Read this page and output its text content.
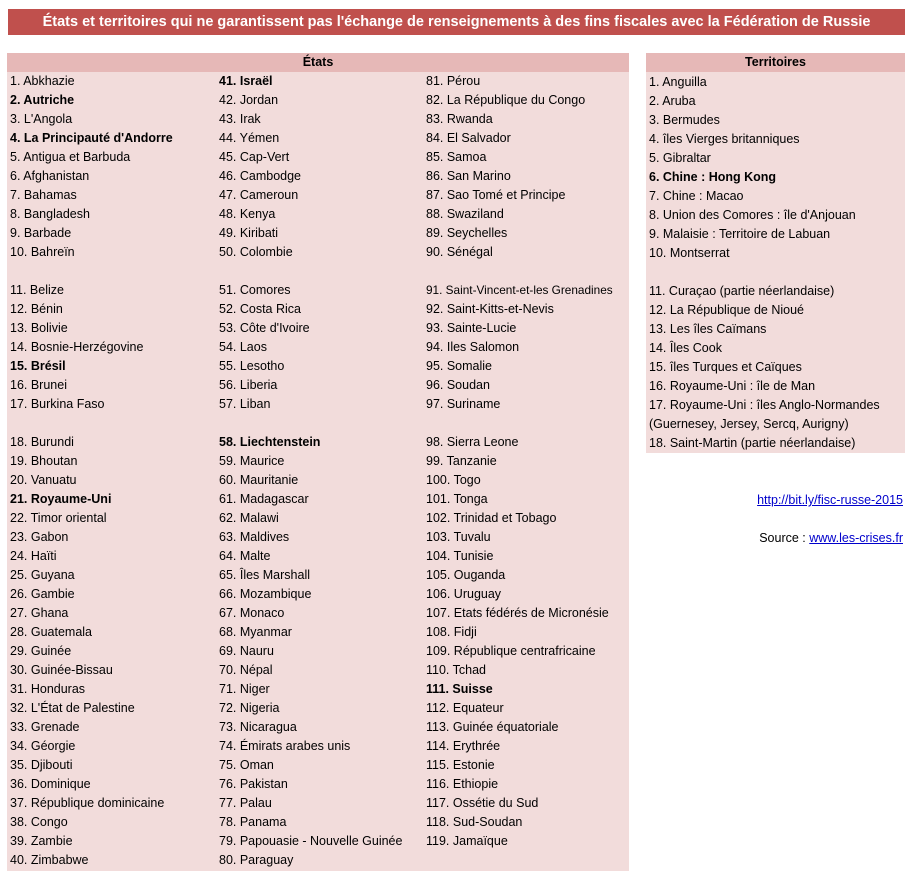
États et territoires qui ne garantissent pas l'échange de renseignements à des fins fiscales avec la Fédération de Russie
États
1. Abkhazie
2. Autriche
3. L'Angola
4. La Principauté d'Andorre
5. Antigua et Barbuda
6. Afghanistan
7. Bahamas
8. Bangladesh
9. Barbade
10. Bahreïn
11. Belize
12. Bénin
13. Bolivie
14. Bosnie-Herzégovine
15. Brésil
16. Brunei
17. Burkina Faso
18. Burundi
19. Bhoutan
20. Vanuatu
21. Royaume-Uni
22. Timor oriental
23. Gabon
24. Haïti
25. Guyana
26. Gambie
27. Ghana
28. Guatemala
29. Guinée
30. Guinée-Bissau
31. Honduras
32. L'État de Palestine
33. Grenade
34. Géorgie
35. Djibouti
36. Dominique
37. République dominicaine
38. Congo
39. Zambie
40. Zimbabwe
41. Israël
42. Jordan
43. Irak
44. Yémen
45. Cap-Vert
46. Cambodge
47. Cameroun
48. Kenya
49. Kiribati
50. Colombie
51. Comores
52. Costa Rica
53. Côte d'Ivoire
54. Laos
55. Lesotho
56. Liberia
57. Liban
58. Liechtenstein
59. Maurice
60. Mauritanie
61. Madagascar
62. Malawi
63. Maldives
64. Malte
65. Îles Marshall
66. Mozambique
67. Monaco
68. Myanmar
69. Nauru
70. Népal
71. Niger
72. Nigeria
73. Nicaragua
74. Émirats arabes unis
75. Oman
76. Pakistan
77. Palau
78. Panama
79. Papouasie - Nouvelle Guinée
80. Paraguay
81. Pérou
82. La République du Congo
83. Rwanda
84. El Salvador
85. Samoa
86. San Marino
87. Sao Tomé et Principe
88. Swaziland
89. Seychelles
90. Sénégal
91. Saint-Vincent-et-les Grenadines
92. Saint-Kitts-et-Nevis
93. Sainte-Lucie
94. Iles Salomon
95. Somalie
96. Soudan
97. Suriname
98. Sierra Leone
99. Tanzanie
100. Togo
101. Tonga
102. Trinidad et Tobago
103. Tuvalu
104. Tunisie
105. Ouganda
106. Uruguay
107. Etats fédérés de Micronésie
108. Fidji
109. République centrafricaine
110. Tchad
111. Suisse
112. Equateur
113. Guinée équatoriale
114. Erythrée
115. Estonie
116. Ethiopie
117. Ossétie du Sud
118. Sud-Soudan
119. Jamaïque
Territoires
1. Anguilla
2. Aruba
3. Bermudes
4. îles Vierges britanniques
5. Gibraltar
6. Chine : Hong Kong
7. Chine : Macao
8. Union des Comores : île d'Anjouan
9. Malaisie : Territoire de Labuan
10. Montserrat
11. Curaçao (partie néerlandaise)
12. La République de Nioué
13. Les îles Caïmans
14. Îles Cook
15. îles Turques et Caïques
16. Royaume-Uni : île de Man
17. Royaume-Uni : îles Anglo-Normandes
(Guernesey, Jersey, Sercq, Aurigny)
18. Saint-Martin (partie néerlandaise)
http://bit.ly/fisc-russe-2015
Source : www.les-crises.fr
